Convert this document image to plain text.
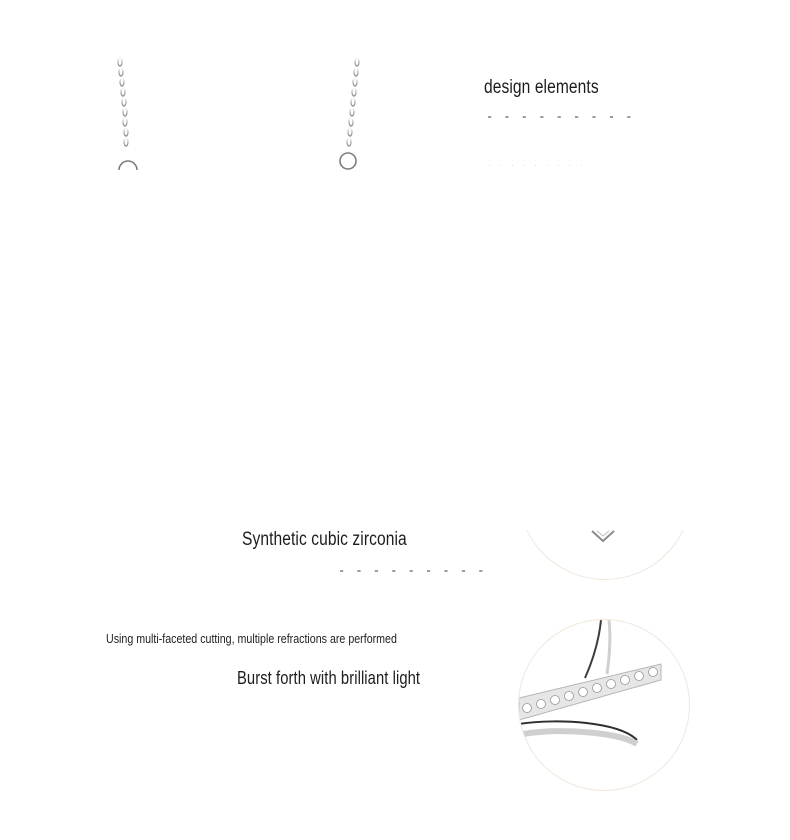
design elements
- - - - - - - - -
· · · · · · · · ·
Synthetic cubic zirconia
- - - - - - - - -
Using multi-faceted cutting, multiple refractions are performed
Burst forth with brilliant light
